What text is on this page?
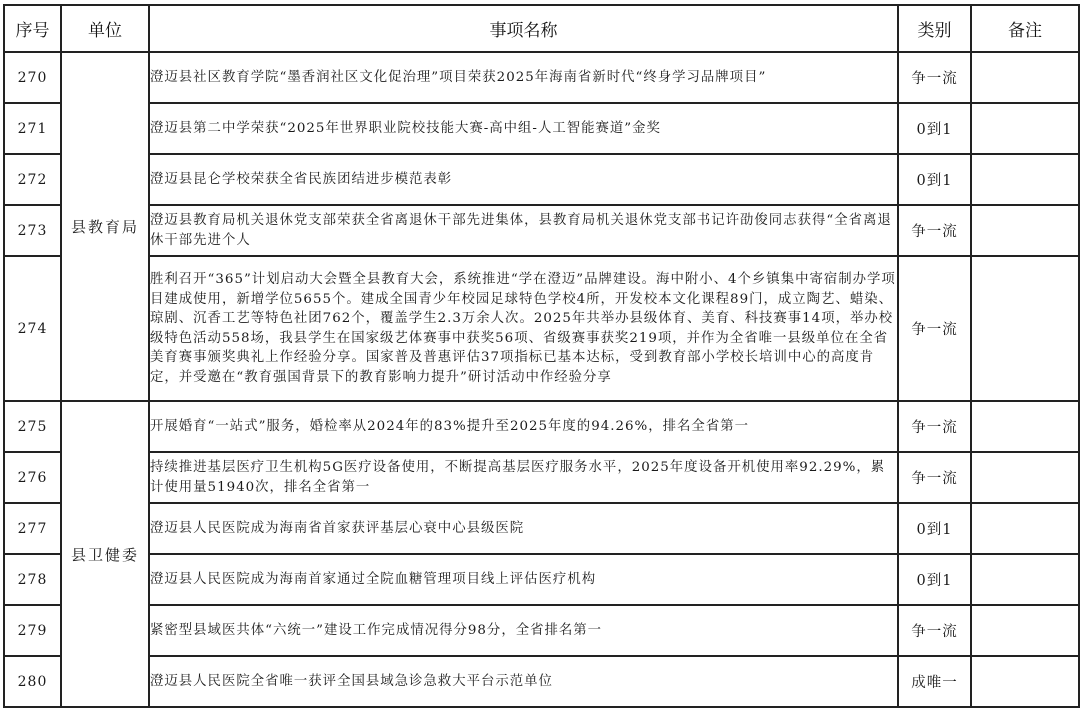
序号	单位	事项名称	类别	备注
270	县教育局	澄迈县社区教育学院“墨香润社区文化促治理”项目荣获2025年海南省新时代“终身学习品牌项目”	争一流	
271		澄迈县第二中学荣获“2025年世界职业院校技能大赛-高中组-人工智能赛道”金奖	0到1	
272		澄迈县昆仑学校荣获全省民族团结进步模范表彰	0到1	
273		澄迈县教育局机关退休党支部荣获全省离退休干部先进集体，县教育局机关退休党支部书记许劭俊同志获得“全省离退休干部先进个人	争一流	
274		胜利召开“365”计划启动大会暨全县教育大会，系统推进“学在澄迈”品牌建设。海中附小、4个乡镇集中寄宿制办学项目建成使用，新增学位5655个。建成全国青少年校园足球特色学校4所，开发校本文化课程89门，成立陶艺、蜡染、琼剧、沉香工艺等特色社团762个，覆盖学生2.3万余人次。2025年共举办县级体育、美育、科技赛事14项，举办校级特色活动558场，我县学生在国家级艺体赛事中获奖56项、省级赛事获奖219项，并作为全省唯一县级单位在全省美育赛事颁奖典礼上作经验分享。国家普及普惠评估37项指标已基本达标，受到教育部小学校长培训中心的高度肯定，并受邀在“教育强国背景下的教育影响力提升”研讨活动中作经验分享	争一流	
275	县卫健委	开展婚育“一站式”服务，婚检率从2024年的83%提升至2025年度的94.26%，排名全省第一	争一流	
276		持续推进基层医疗卫生机构5G医疗设备使用，不断提高基层医疗服务水平，2025年度设备开机使用率92.29%，累计使用量51940次，排名全省第一	争一流	
277		澄迈县人民医院成为海南省首家获评基层心衰中心县级医院	0到1	
278		澄迈县人民医院成为海南首家通过全院血糖管理项目线上评估医疗机构	0到1	
279		紧密型县域医共体“六统一”建设工作完成情况得分98分，全省排名第一	争一流	
280		澄迈县人民医院全省唯一获评全国县域急诊急救大平台示范单位	成唯一	
